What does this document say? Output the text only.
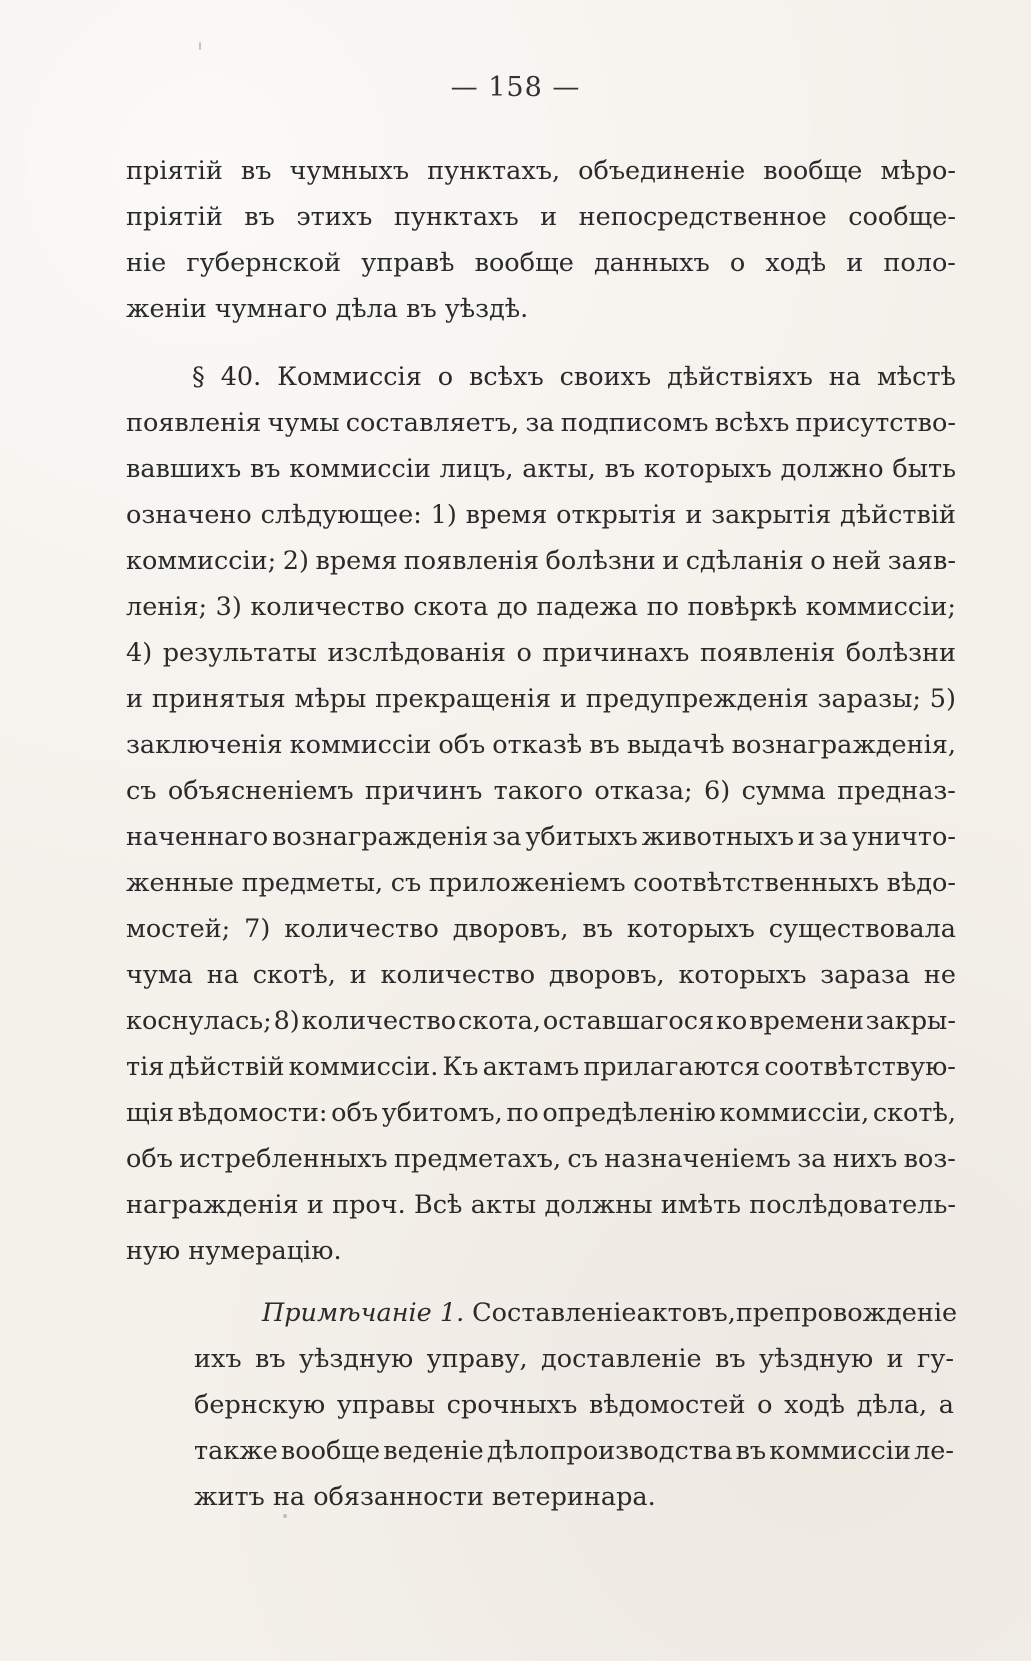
— 158 —
пріятій въ чумныхъ пунктахъ, объединеніе вообще мѣро-
пріятій въ этихъ пунктахъ и непосредственное сообще-
ніе губернской управѣ вообще данныхъ о ходѣ и поло-
женіи чумнаго дѣла въ уѣздѣ.
§ 40. Коммиссія о всѣхъ своихъ дѣйствіяхъ на мѣстѣ
появленія чумы составляетъ, за подписомъ всѣхъ присутство-
вавшихъ въ коммиссіи лицъ, акты, въ которыхъ должно быть
означено слѣдующее: 1) время открытія и закрытія дѣйствій
коммиссіи; 2) время появленія болѣзни и сдѣланія о ней заяв-
ленія; 3) количество скота до падежа по повѣркѣ коммиссіи;
4) результаты изслѣдованія о причинахъ появленія болѣзни
и принятыя мѣры прекращенія и предупрежденія заразы; 5)
заключенія коммиссіи объ отказѣ въ выдачѣ вознагражденія,
съ объясненіемъ причинъ такого отказа; 6) сумма предназ-
наченнаго вознагражденія за убитыхъ животныхъ и за уничто-
женные предметы, съ приложеніемъ соотвѣтственныхъ вѣдо-
мостей; 7) количество дворовъ, въ которыхъ существовала
чума на скотѣ, и количество дворовъ, которыхъ зараза не
коснулась; 8) количество скота, оставшагося ко времени закры-
тія дѣйствій коммиссіи. Къ актамъ прилагаются соотвѣтствую-
щія вѣдомости: объ убитомъ, по опредѣленію коммиссіи, скотѣ,
объ истребленныхъ предметахъ, съ назначеніемъ за нихъ воз-
награжденія и проч. Всѣ акты должны имѣть послѣдователь-
ную нумерацію.
Примѣчаніе 1. Составленіе актовъ, препровожденіе
ихъ въ уѣздную управу, доставленіе въ уѣздную и гу-
бернскую управы срочныхъ вѣдомостей о ходѣ дѣла, а
также вообще веденіе дѣлопроизводства въ коммиссіи ле-
житъ на обязанности ветеринара.
